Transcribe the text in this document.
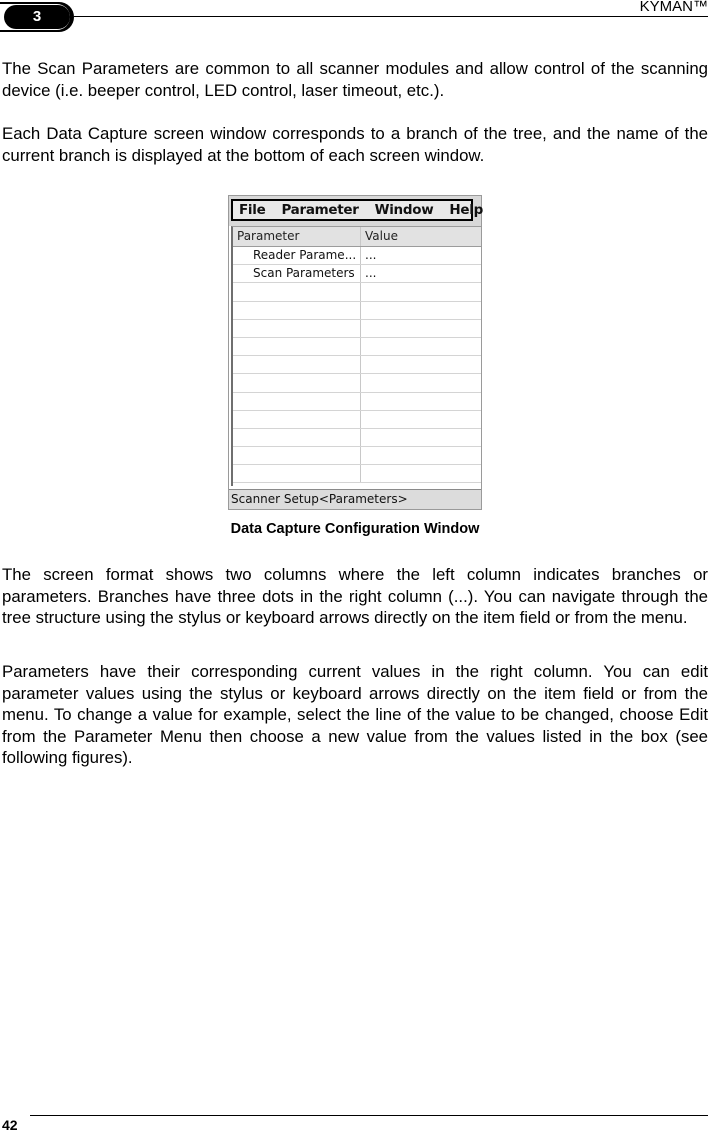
3
KYMAN™

The Scan Parameters are common to all scanner modules and allow control of the scanning device (i.e. beeper control, LED control, laser timeout, etc.).

Each Data Capture screen window corresponds to a branch of the tree, and the name of the current branch is displayed at the bottom of each screen window.

File Parameter Window Help
Parameter	Value
Reader Parame... ...
Scan Parameters ...
Scanner Setup<Parameters>

Data Capture Configuration Window

The screen format shows two columns where the left column indicates branches or parameters. Branches have three dots in the right column (...). You can navigate through the tree structure using the stylus or keyboard arrows directly on the item field or from the menu.

Parameters have their corresponding current values in the right column. You can edit parameter values using the stylus or keyboard arrows directly on the item field or from the menu. To change a value for example, select the line of the value to be changed, choose Edit from the Parameter Menu then choose a new value from the values listed in the box (see following figures).

42
